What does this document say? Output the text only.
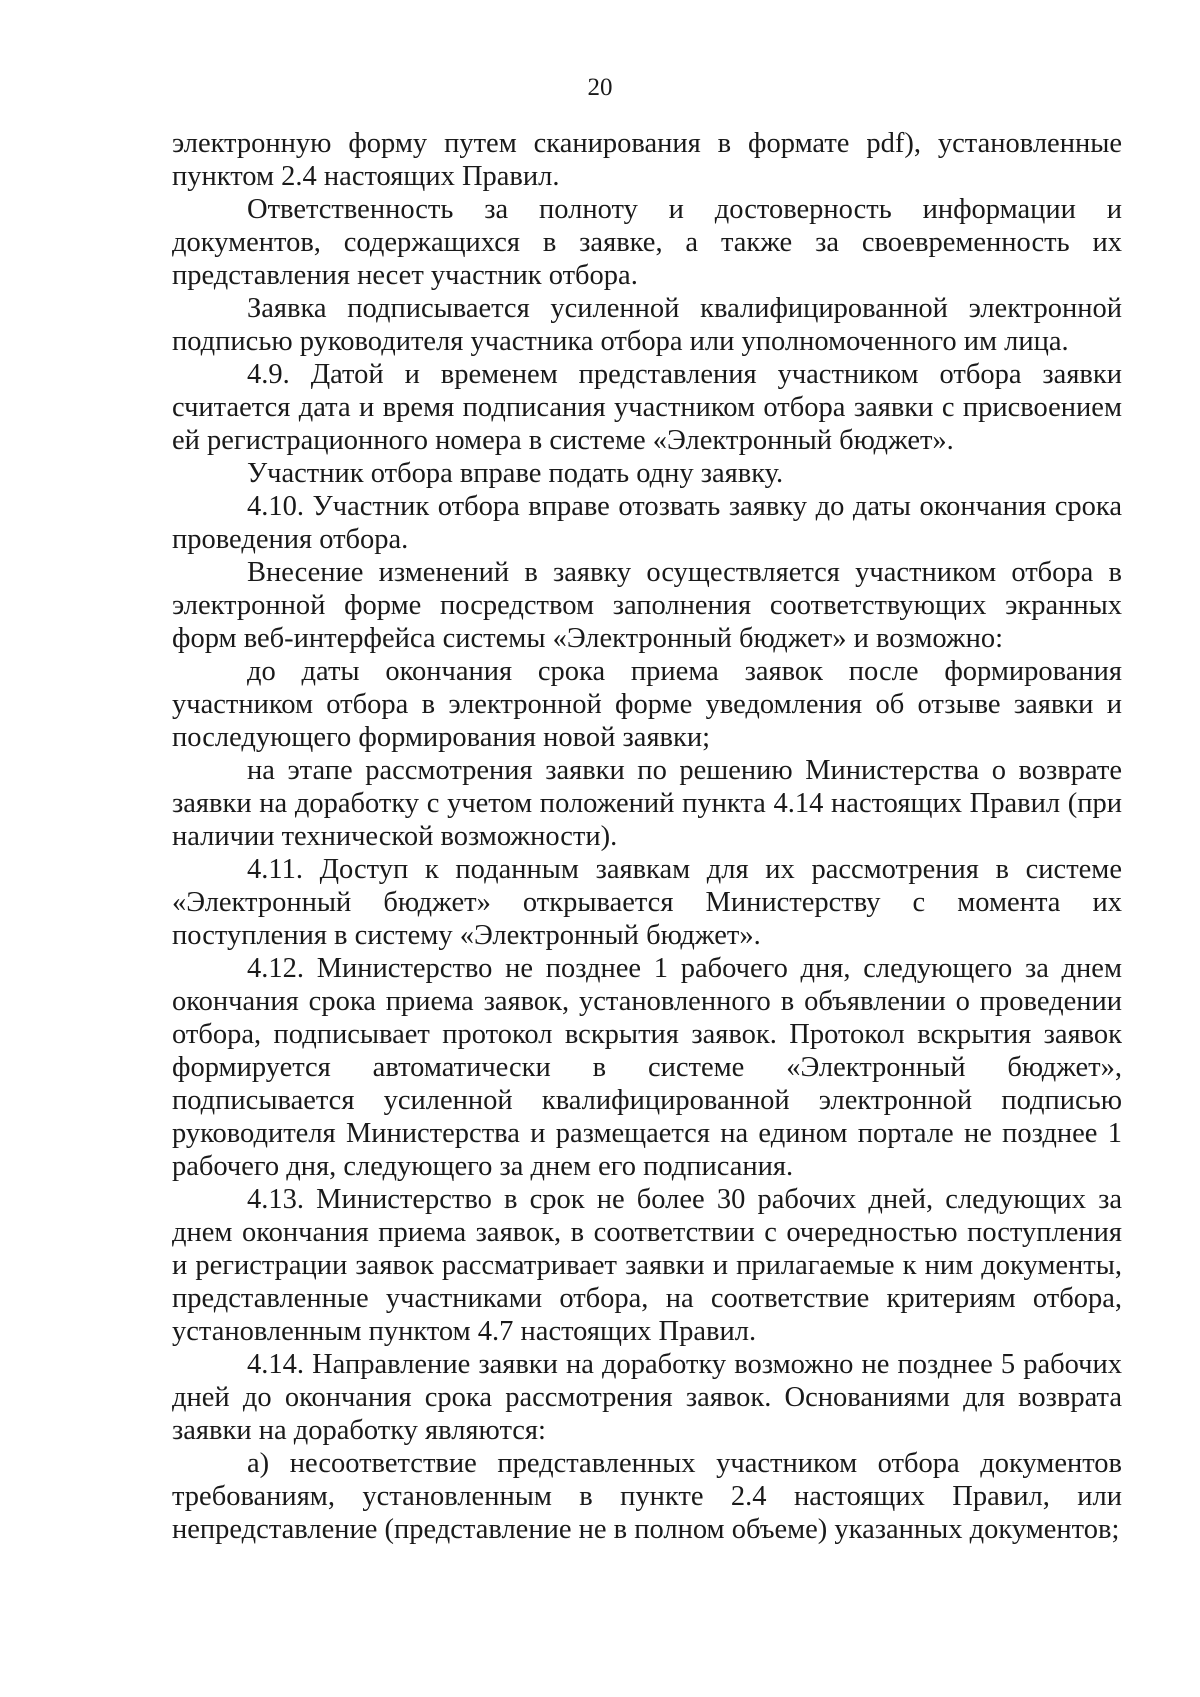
20

электронную форму путем сканирования в формате pdf), установленные пунктом 2.4 настоящих Правил.

Ответственность за полноту и достоверность информации и документов, содержащихся в заявке, а также за своевременность их представления несет участник отбора.

Заявка подписывается усиленной квалифицированной электронной подписью руководителя участника отбора или уполномоченного им лица.

4.9. Датой и временем представления участником отбора заявки считается дата и время подписания участником отбора заявки с присвоением ей регистрационного номера в системе «Электронный бюджет».

Участник отбора вправе подать одну заявку.

4.10. Участник отбора вправе отозвать заявку до даты окончания срока проведения отбора.

Внесение изменений в заявку осуществляется участником отбора в электронной форме посредством заполнения соответствующих экранных форм веб-интерфейса системы «Электронный бюджет» и возможно:

до даты окончания срока приема заявок после формирования участником отбора в электронной форме уведомления об отзыве заявки и последующего формирования новой заявки;

на этапе рассмотрения заявки по решению Министерства о возврате заявки на доработку с учетом положений пункта 4.14 настоящих Правил (при наличии технической возможности).

4.11. Доступ к поданным заявкам для их рассмотрения в системе «Электронный бюджет» открывается Министерству с момента их поступления в систему «Электронный бюджет».

4.12. Министерство не позднее 1 рабочего дня, следующего за днем окончания срока приема заявок, установленного в объявлении о проведении отбора, подписывает протокол вскрытия заявок. Протокол вскрытия заявок формируется автоматически в системе «Электронный бюджет», подписывается усиленной квалифицированной электронной подписью руководителя Министерства и размещается на едином портале не позднее 1 рабочего дня, следующего за днем его подписания.

4.13. Министерство в срок не более 30 рабочих дней, следующих за днем окончания приема заявок, в соответствии с очередностью поступления и регистрации заявок рассматривает заявки и прилагаемые к ним документы, представленные участниками отбора, на соответствие критериям отбора, установленным пунктом 4.7 настоящих Правил.

4.14. Направление заявки на доработку возможно не позднее 5 рабочих дней до окончания срока рассмотрения заявок. Основаниями для возврата заявки на доработку являются:

а) несоответствие представленных участником отбора документов требованиям, установленным в пункте 2.4 настоящих Правил, или непредставление (представление не в полном объеме) указанных документов;
